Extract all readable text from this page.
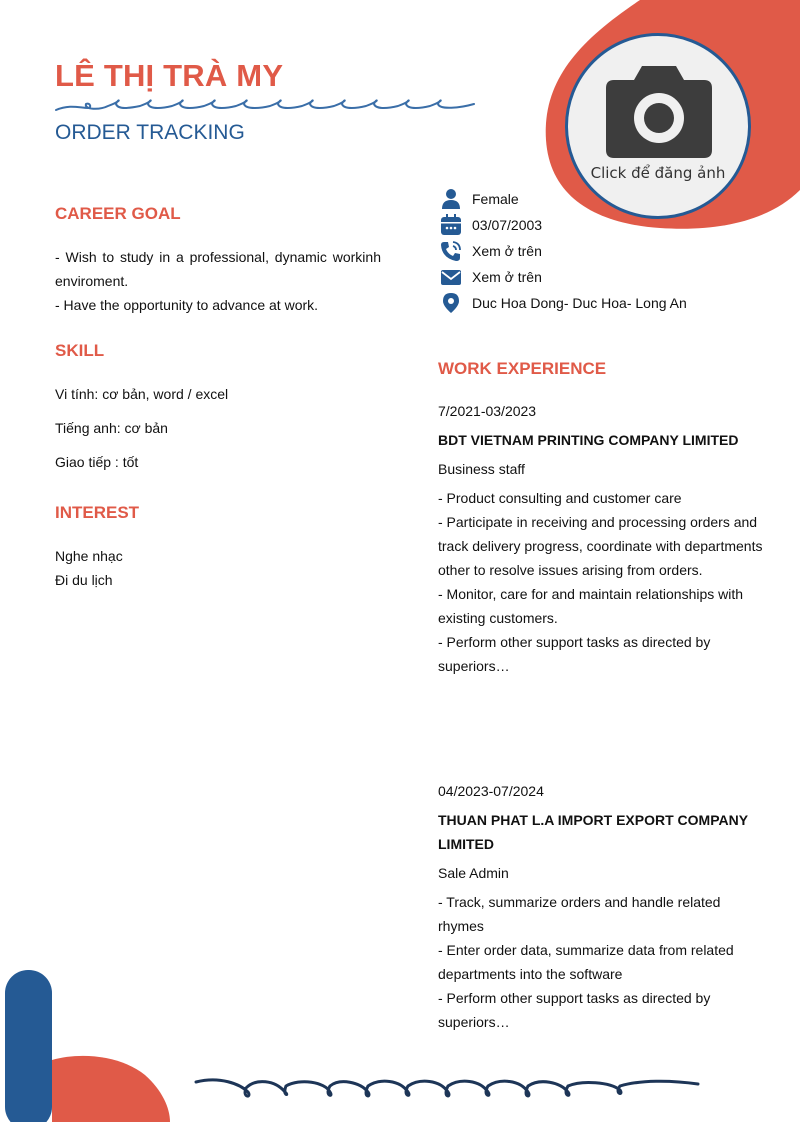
Click để đăng ảnh
LÊ THỊ TRÀ MY
ORDER TRACKING
CAREER GOAL

- Wish to study in a professional, dynamic workinh enviroment.

- Have the opportunity to advance at work.

SKILL

Vi tính: cơ bản, word / excel

Tiếng anh: cơ bản

Giao tiếp : tốt

INTEREST

Nghe nhạc

Đi du lịch

Female
03/07/2003
Xem ở trên
Xem ở trên
Duc Hoa Dong- Duc Hoa- Long An
WORK EXPERIENCE

7/2021-03/2023

BDT VIETNAM PRINTING COMPANY LIMITED

Business staff

- Product consulting and customer care

- Participate in receiving and processing orders and track delivery progress, coordinate with departments other to resolve issues arising from orders.

- Monitor, care for and maintain relationships with existing customers.

- Perform other support tasks as directed by superiors…

04/2023-07/2024

THUAN PHAT L.A IMPORT EXPORT COMPANY LIMITED

Sale Admin

- Track, summarize orders and handle related rhymes

- Enter order data, summarize data from related departments into the software

- Perform other support tasks as directed by superiors…
